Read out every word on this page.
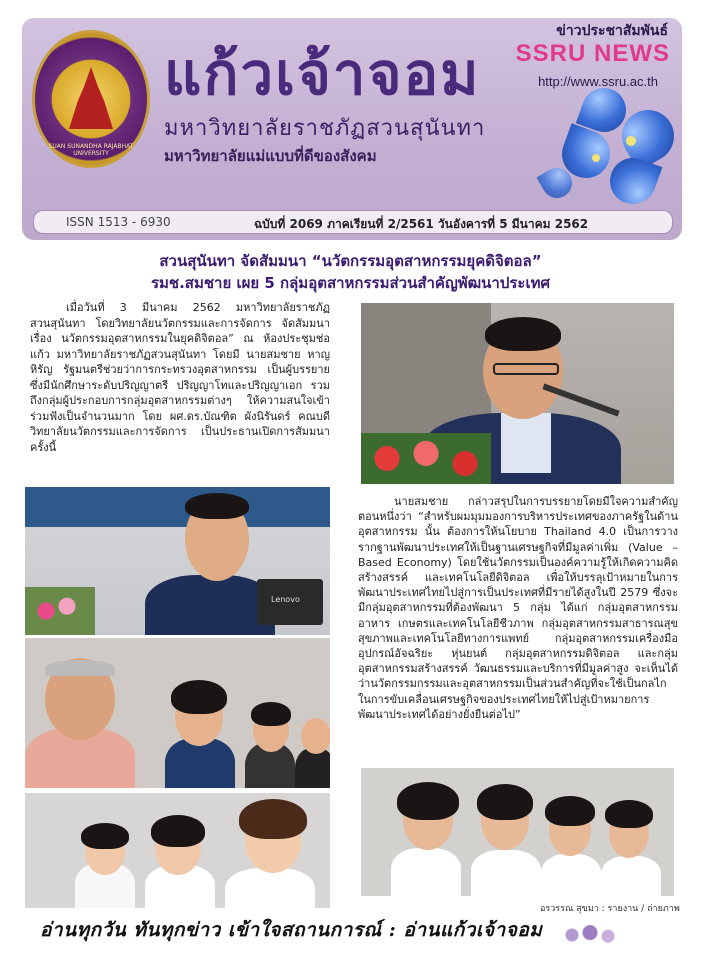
SUAN SUNANDHA RAJABHAT UNIVERSITY
แก้วเจ้าจอม
มหาวิทยาลัยราชภัฏสวนสุนันทา
มหาวิทยาลัยแม่แบบที่ดีของสังคม
ข่าวประชาสัมพันธ์
SSRU NEWS
http://www.ssru.ac.th
ISSN 1513 - 6930	ฉบับที่ 2069 ภาคเรียนที่ 2/2561 วันอังคารที่ 5 มีนาคม 2562
สวนสุนันทา จัดสัมมนา “นวัตกรรมอุตสาหกรรมยุคดิจิตอล”
รมช.สมชาย เผย 5 กลุ่มอุตสาหกรรมส่วนสำคัญพัฒนาประเทศ
เมื่อวันที่ 3 มีนาคม 2562 มหาวิทยาลัยราชภัฏสวนสุนันทา โดยวิทยาลัยนวัตกรรมและการจัดการ จัดสัมมนาเรื่อง นวัตกรรมอุตสาหกรรมในยุคดิจิตอล” ณ ห้องประชุมช่อแก้ว มหาวิทยาลัยราชภัฏสวนสุนันทา โดยมี นายสมชาย หาญหิรัญ รัฐมนตรีช่วยว่าการกระทรวงอุตสาหกรรม เป็นผู้บรรยาย ซึ่งมีนักศึกษาระดับปริญญาตรี ปริญญาโทและปริญญาเอก รวมถึงกลุ่มผู้ประกอบการกลุ่มอุตสาหกรรมต่างๆ ให้ความสนใจเข้าร่วมฟังเป็นจำนวนมาก โดย ผศ.ดร.บัณฑิต ผังนิรันดร์ คณบดีวิทยาลัยนวัตกรรมและการจัดการ เป็นประธานเปิดการสัมมนาครั้งนี้
นายสมชาย กล่าวสรุปในการบรรยายโดยมีใจความสำคัญตอนหนึ่งว่า “สำหรับผมมุมมองการบริหารประเทศของภาครัฐในด้านอุตสาหกรรม นั้น ต้องการให้นโยบาย Thailand 4.0 เป็นการวางรากฐานพัฒนาประเทศให้เป็นฐานเศรษฐกิจที่มีมูลค่าเพิ่ม (Value –Based Economy) โดยใช้นวัตกรรมเป็นองค์ความรู้ให้เกิดความคิดสร้างสรรค์ และเทคโนโลยีดิจิตอล เพื่อให้บรรลุเป้าหมายในการพัฒนาประเทศไทยไปสู่การเป็นประเทศที่มีรายได้สูงในปี 2579 ซึ่งจะมีกลุ่มอุตสาหกรรมที่ต้องพัฒนา 5 กลุ่ม ได้แก่ กลุ่มอุตสาหกรรมอาหาร เกษตรและเทคโนโลยีชีวภาพ กลุ่มอุตสาหกรรมสาธารณสุข สุขภาพและเทคโนโลยีทางการแพทย์ กลุ่มอุตสาหกรรมเครื่องมืออุปกรณ์อัจฉริยะ หุ่นยนต์ กลุ่มอุตสาหกรรมดิจิตอล และกลุ่มอุตสาหกรรมสร้างสรรค์ วัฒนธรรมและบริการที่มีมูลค่าสูง จะเห็นได้ว่านวัตกรรมกรรมและอุตสาหกรรมเป็นส่วนสำคัญที่จะใช้เป็นกลไกในการขับเคลื่อนเศรษฐกิจของประเทศไทยให้ไปสู่เป้าหมายการพัฒนาประเทศได้อย่างยั่งยืนต่อไป”
Lenovo
อรวรรณ สุขมา : รายงาน / ถ่ายภาพ
อ่านทุกวัน ทันทุกข่าว เข้าใจสถานการณ์ : อ่านแก้วเจ้าจอม
